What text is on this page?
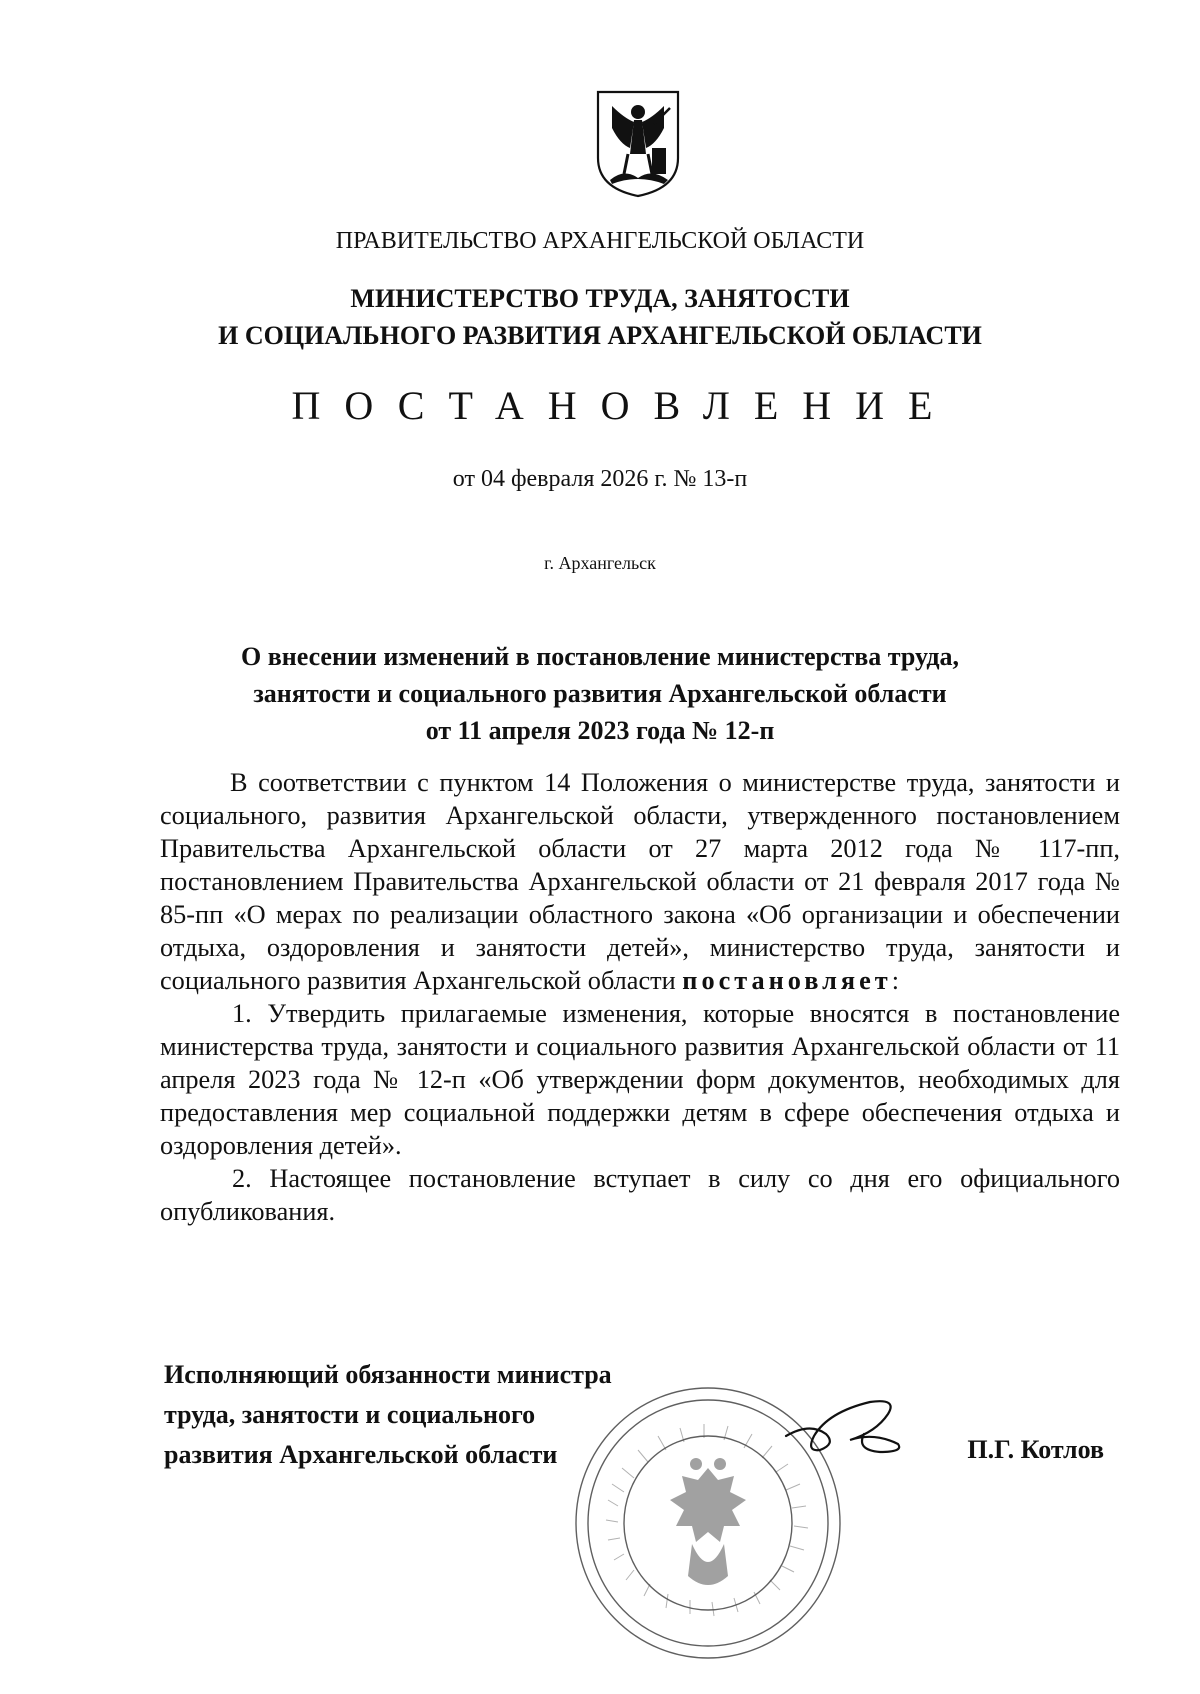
ПРАВИТЕЛЬСТВО АРХАНГЕЛЬСКОЙ ОБЛАСТИ
МИНИСТЕРСТВО ТРУДА, ЗАНЯТОСТИ
И СОЦИАЛЬНОГО РАЗВИТИЯ АРХАНГЕЛЬСКОЙ ОБЛАСТИ
ПОСТАНОВЛЕНИЕ
от 04 февраля 2026 г. № 13-п
г. Архангельск
О внесении изменений в постановление министерства труда,
занятости и социального развития Архангельской области
от 11 апреля 2023 года № 12-п

В соответствии с пунктом 14 Положения о министерстве труда, занятости и социального, развития Архангельской области, утвержденного постановлением Правительства Архангельской области от 27 марта 2012 года № 117-пп, постановлением Правительства Архангельской области от 21 февраля 2017 года № 85-пп «О мерах по реализации областного закона «Об организации и обеспечении отдыха, оздоровления и занятости детей», министерство труда, занятости и социального развития Архангельской области постановляет:

1. Утвердить прилагаемые изменения, которые вносятся в постановление министерства труда, занятости и социального развития Архангельской области от 11 апреля 2023 года № 12-п «Об утверждении форм документов, необходимых для предоставления мер социальной поддержки детям в сфере обеспечения отдыха и оздоровления детей».

2. Настоящее постановление вступает в силу со дня его официального опубликования.

Исполняющий обязанности министра
труда, занятости и социального
развития Архангельской области	П.Г. Котлов
